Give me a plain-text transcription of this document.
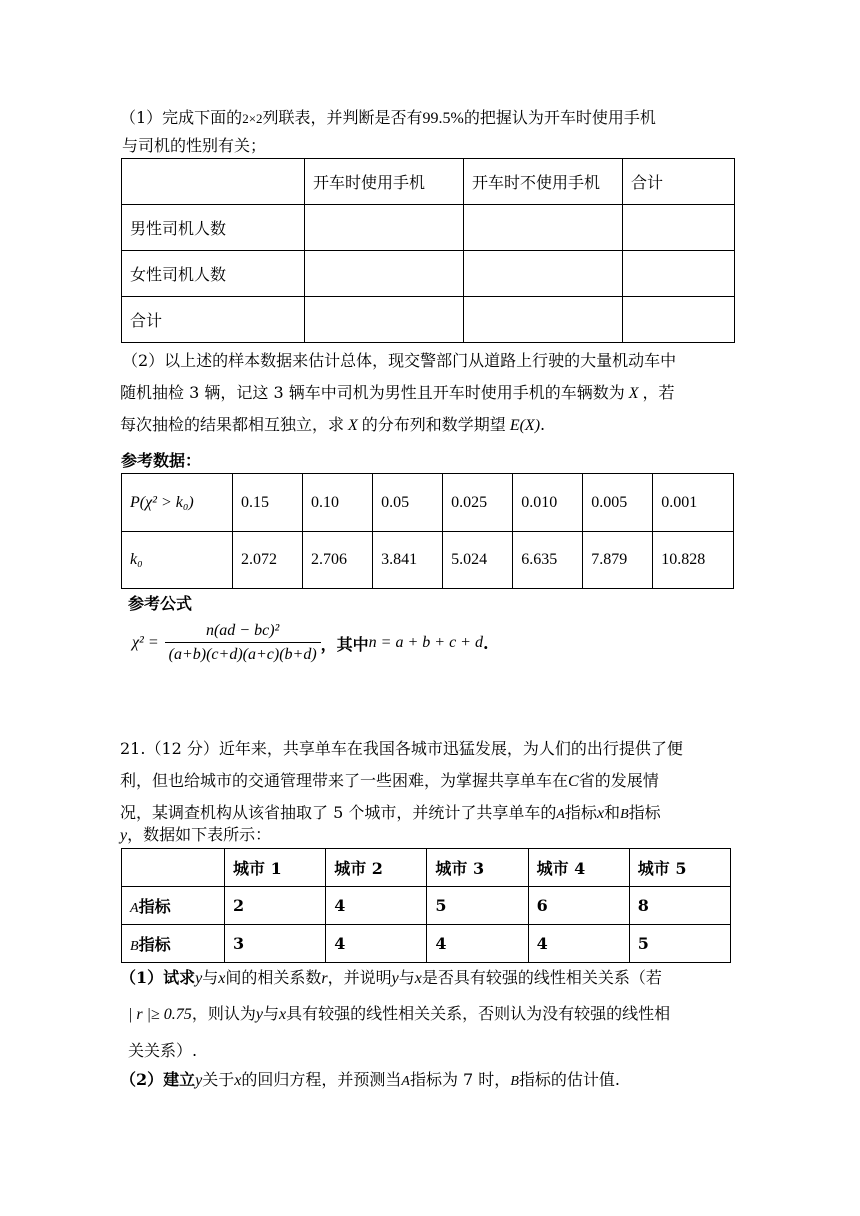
（1）完成下面的2×2列联表，并判断是否有99.5%的把握认为开车时使用手机
与司机的性别有关；
	开车时使用手机	开车时不使用手机	合计
男性司机人数			
女性司机人数			
合计			
（2）以上述的样本数据来估计总体，现交警部门从道路上行驶的大量机动车中
随机抽检 3 辆，记这 3 辆车中司机为男性且开车时使用手机的车辆数为 X ，若
每次抽检的结果都相互独立，求 X 的分布列和数学期望 E(X).
参考数据：
P(χ² > k₀)	0.15	0.10	0.05	0.025	0.010	0.005	0.001
k₀	2.072	2.706	3.841	5.024	6.635	7.879	10.828
参考公式
$\chi^2 = \frac{\text{n(ad − bc)²}}{(a+b)(c+d)(a+c)(b+d)}$ ，其中 n = a + b + c + d .
21.（12 分）近年来，共享单车在我国各城市迅猛发展，为人们的出行提供了便
利，但也给城市的交通管理带来了一些困难，为掌握共享单车在C省的发展情
况，某调查机构从该省抽取了 5 个城市，并统计了共享单车的A指标x和B指标
y，数据如下表所示：
	城市 1	城市 2	城市 3	城市 4	城市 5
A指标	2	4	5	6	8
B指标	3	4	4	4	5
（1）试求y与x间的相关系数r，并说明y与x是否具有较强的线性相关关系（若
| r |≥ 0.75，则认为y与x具有较强的线性相关关系，否则认为没有较强的线性相
关关系）.
（2）建立y关于x的回归方程，并预测当A指标为 7 时，B指标的估计值.
